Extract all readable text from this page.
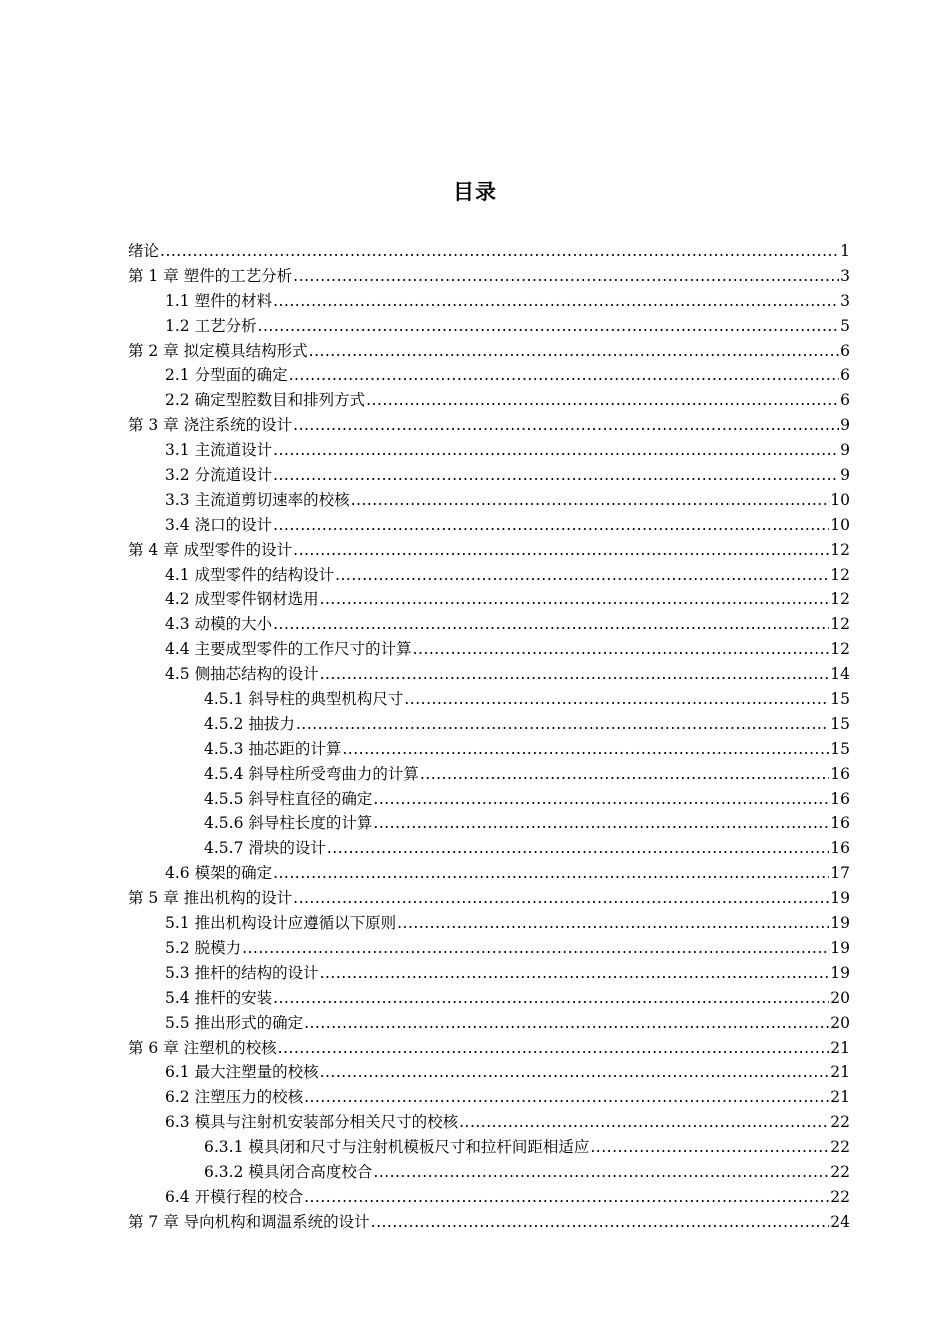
目录
绪论 .....	1
第 1 章 塑件的工艺分析 .....	3
1.1 塑件的材料 .....	3
1.2 工艺分析 .....	5
第 2 章 拟定模具结构形式 .....	6
2.1 分型面的确定 .....	6
2.2 确定型腔数目和排列方式 .....	6
第 3 章 浇注系统的设计 .....	9
3.1 主流道设计 .....	9
3.2 分流道设计 .....	9
3.3 主流道剪切速率的校核 .....	10
3.4 浇口的设计 .....	10
第 4 章 成型零件的设计 .....	12
4.1 成型零件的结构设计 .....	12
4.2 成型零件钢材选用 .....	12
4.3 动模的大小 .....	12
4.4 主要成型零件的工作尺寸的计算 .....	12
4.5 侧抽芯结构的设计 .....	14
4.5.1 斜导柱的典型机构尺寸 .....	15
4.5.2 抽拔力 .....	15
4.5.3 抽芯距的计算 .....	15
4.5.4 斜导柱所受弯曲力的计算 .....	16
4.5.5 斜导柱直径的确定 .....	16
4.5.6 斜导柱长度的计算 .....	16
4.5.7 滑块的设计 .....	16
4.6 模架的确定 .....	17
第 5 章 推出机构的设计 .....	19
5.1 推出机构设计应遵循以下原则 .....	19
5.2 脱模力 .....	19
5.3 推杆的结构的设计 .....	19
5.4 推杆的安装 .....	20
5.5 推出形式的确定 .....	20
第 6 章 注塑机的校核 .....	21
6.1 最大注塑量的校核 .....	21
6.2 注塑压力的校核 .....	21
6.3 模具与注射机安装部分相关尺寸的校核 .....	22
6.3.1 模具闭和尺寸与注射机模板尺寸和拉杆间距相适应 .....	22
6.3.2 模具闭合高度校合 .....	22
6.4 开模行程的校合 .....	22
第 7 章 导向机构和调温系统的设计 .....	24
